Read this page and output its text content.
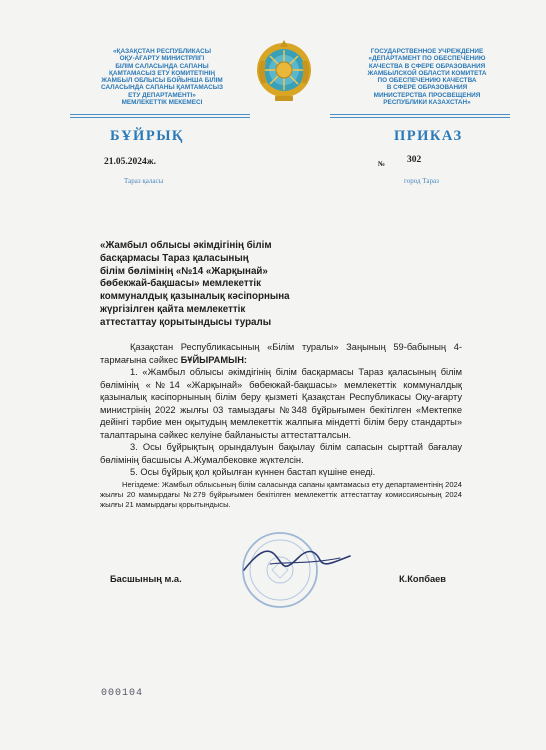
«ҚАЗАҚСТАН РЕСПУБЛИКАСЫ
ОҚУ-АҒАРТУ МИНИСТРЛІГІ
БІЛІМ САЛАСЫНДА САПАНЫ
ҚАМТАМАСЫЗ ЕТУ КОМИТЕТІНІҢ
ЖАМБЫЛ ОБЛЫСЫ БОЙЫНША БІЛІМ
САЛАСЫНДА САПАНЫ ҚАМТАМАСЫЗ
ЕТУ ДЕПАРТАМЕНТІ»
МЕМЛЕКЕТТІК МЕКЕМЕСІ
ГОСУДАРСТВЕННОЕ УЧРЕЖДЕНИЕ
«ДЕПАРТАМЕНТ ПО ОБЕСПЕЧЕНИЮ
КАЧЕСТВА В СФЕРЕ ОБРАЗОВАНИЯ
ЖАМБЫЛСКОЙ ОБЛАСТИ КОМИТЕТА
ПО ОБЕСПЕЧЕНИЮ КАЧЕСТВА
В СФЕРЕ ОБРАЗОВАНИЯ
МИНИСТЕРСТВА ПРОСВЕЩЕНИЯ
РЕСПУБЛИКИ КАЗАХСТАН»
БҰЙРЫҚ	ПРИКАЗ
21.05.2024ж.	№ 302
Тараз қаласы	город Тараз
«Жамбыл облысы әкімдігінің білім
басқармасы Тараз қаласының
білім бөлімінің «№14 «Жарқынай»
бөбекжай-бақшасы» мемлекеттік
коммуналдық қазыналық кәсіпорнына
жүргізілген қайта мемлекеттік
аттестаттау қорытындысы туралы

Қазақстан Республикасының «Білім туралы» Заңының 59-бабының 4-тармағына сәйкес БҰЙЫРАМЫН:

1. «Жамбыл облысы әкімдігінің білім басқармасы Тараз қаласының білім бөлімінің «№14 «Жарқынай» бөбекжай-бақшасы» мемлекеттік коммуналдық қазыналық кәсіпорнының білім беру қызметі Қазақстан Республикасы Оқу-ағарту министрінің 2022 жылғы 03 тамыздағы №348 бұйрығымен бекітілген «Мектепке дейінгі тәрбие мен оқытудың мемлекеттік жалпыға міндетті білім беру стандарты» талаптарына сәйкес келуіне байланысты аттестатталсын.

3. Осы бұйрықтың орындалуын бақылау білім сапасын сырттай бағалау бөлімінің басшысы А.Жумалбековке жүктелсін.

5. Осы бұйрық қол қойылған күннен бастап күшіне енеді.

Негіздеме: Жамбыл облысының білім саласында сапаны қамтамасыз ету департаментінің 2024 жылғы 20 мамырдағы №279 бұйрығымен бекітілген мемлекеттік аттестаттау комиссиясының 2024 жылғы 21 мамырдағы қорытындысы.

Басшының м.а.	К.Копбаев
000104
